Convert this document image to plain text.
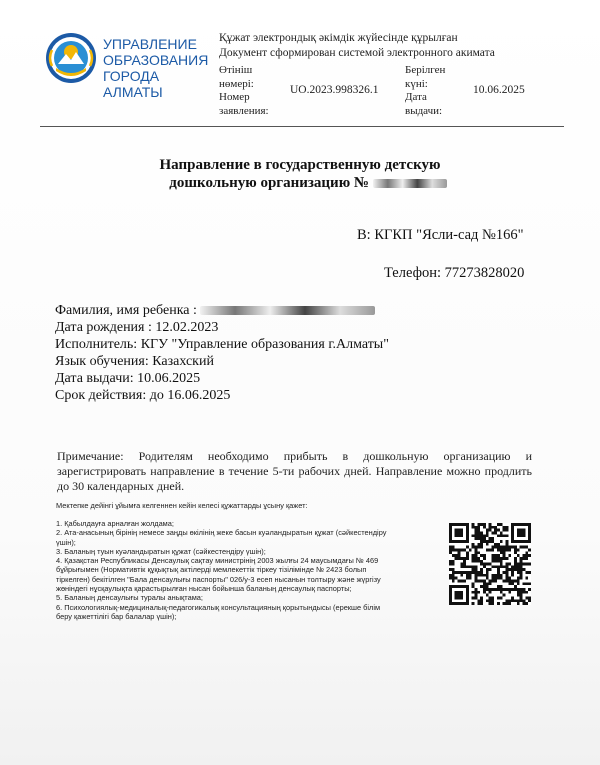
УПРАВЛЕНИЕ
ОБРАЗОВАНИЯ
ГОРОДА АЛМАТЫ
Құжат электрондық әкімдік жүйесінде құрылған
Документ сформирован системой электронного акимата
Өтініш
нөмері:
Номер
заявления:
UO.2023.998326.1
Берілген
күні:
Дата
выдачи:
10.06.2025
Направление в государственную детскую
дошкольную организацию №
В: КГКП "Ясли-сад №166"
Телефон: 77273828020
Фамилия, имя ребенка :
Дата рождения : 12.02.2023
Исполнитель: КГУ "Управление образования г.Алматы"
Язык обучения: Казахский
Дата выдачи: 10.06.2025
Срок действия: до 16.06.2025
Примечание: Родителям необходимо прибыть в дошкольную организацию и зарегистрировать направление в течение 5-ти рабочих дней. Направление можно продлить до 30 календарных дней.
Мектепке дейінгі ұйымға келгеннен кейін келесі құжаттарды ұсыну қажет:
1. Қабылдауға арналған жолдама;
2. Ата-анасының бірінің немесе заңды өкілінің жеке басын куәландыратын құжат (сәйкестендіру
үшін);
3. Баланың туын куәландыратын құжат (сәйкестендіру үшін);
4. Қазақстан Республикасы Денсаулық сақтау министрінің 2003 жылғы 24 маусымдағы № 469
бұйрығымен (Нормативтік құқықтық актілерді мемлекеттік тіркеу тізілімінде № 2423 болып
тіркелген) бекітілген "Бала денсаулығы паспорты" 026/у-3 есеп нысанын толтыру және жүргізу
жөніндегі нұсқаулықта қарастырылған нысан бойынша баланың денсаулық паспорты;
5. Баланың денсаулығы туралы анықтама;
6. Психологиялық-медициналық-педагогикалық консультацияның қорытындысы (ерекше білім
беру қажеттілігі бар балалар үшін);
